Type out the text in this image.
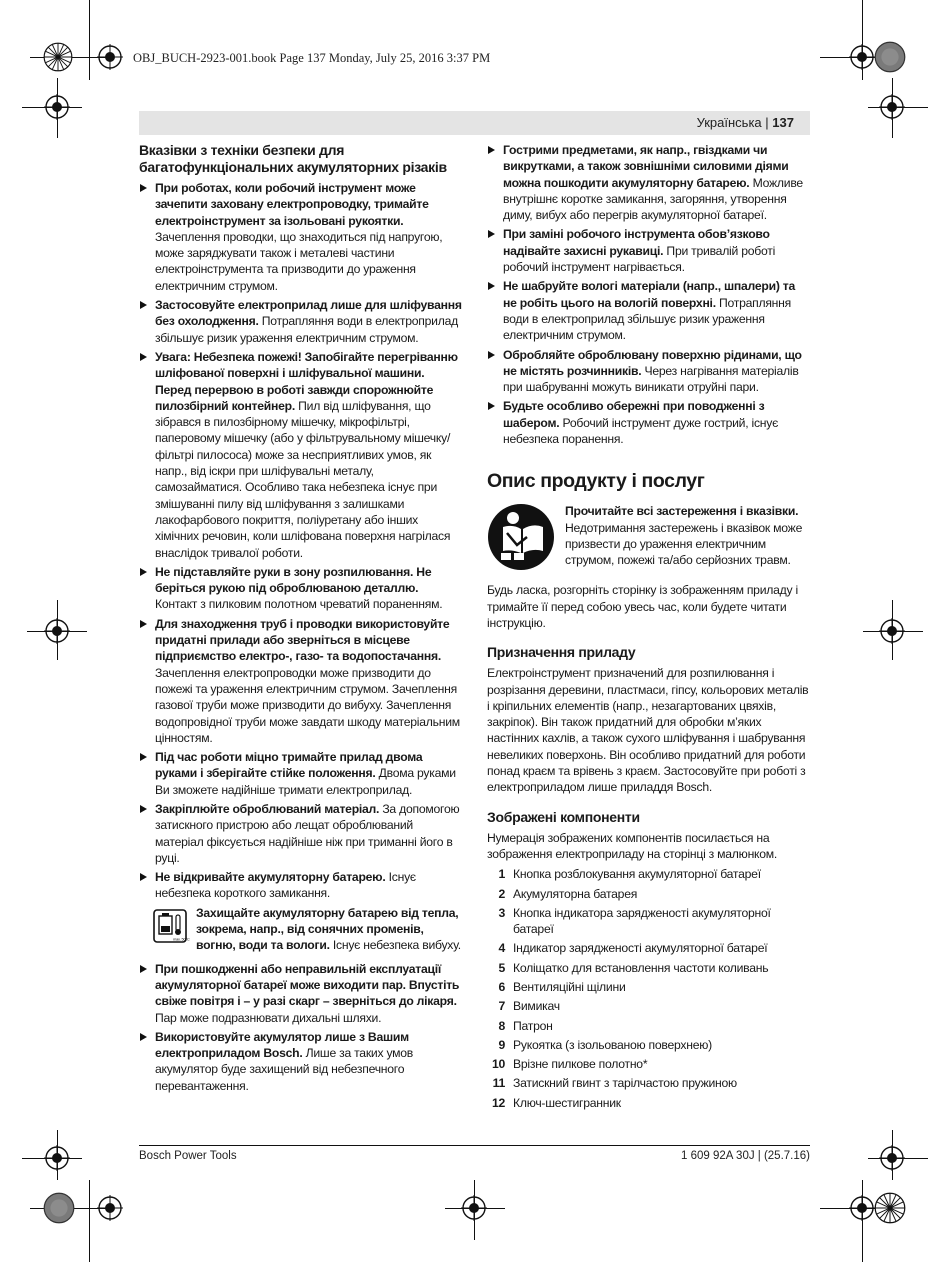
OBJ_BUCH-2923-001.book Page 137 Monday, July 25, 2016 3:37 PM
Українська | 137
Вказівки з техніки безпеки для багатофункціональних акумуляторних різаків
При роботах, коли робочий інструмент може зачепити заховану електропроводку, тримайте електроінструмент за ізольовані рукоятки. Зачеплення проводки, що знаходиться під напругою, може заряджувати також і металеві частини електроінструмента та призводити до ураження електричним струмом.
Застосовуйте електроприлад лише для шліфування без охолодження. Потрапляння води в електроприлад збільшує ризик ураження електричним струмом.
Увага: Небезпека пожежі! Запобігайте перегріванню шліфованої поверхні і шліфувальної машини. Перед перервою в роботі завжди спорожнюйте пилозбірний контейнер. Пил від шліфування, що зібрався в пилозбірному мішечку, мікрофільтрі, паперовому мішечку (або у фільтрувальному мішечку/фільтрі пилососа) може за несприятливих умов, як напр., від іскри при шліфувальні металу, самозайматися. Особливо така небезпека існує при змішуванні пилу від шліфування з залишками лакофарбового покриття, поліуретану або інших хімічних речовин, коли шліфована поверхня нагрілася внаслідок тривалої роботи.
Не підставляйте руки в зону розпилювання. Не беріться рукою під оброблюваною деталлю. Контакт з пилковим полотном чреватий пораненням.
Для знаходження труб і проводки використовуйте придатні прилади або зверніться в місцеве підприємство електро-, газо- та водопостачання. Зачеплення електропроводки може призводити до пожежі та ураження електричним струмом. Зачеплення газової труби може призводити до вибуху. Зачеплення водопровідної труби може завдати шкоду матеріальним цінностям.
Під час роботи міцно тримайте прилад двома руками і зберігайте стійке положення. Двома руками Ви зможете надійніше тримати електроприлад.
Закріплюйте оброблюваний матеріал. За допомогою затискного пристрою або лещат оброблюваний матеріал фіксується надійніше ніж при триманні його в руці.
Не відкривайте акумуляторну батарею. Існує небезпека короткого замикання.
max. 50°C
Захищайте акумуляторну батарею від тепла, зокрема, напр., від сонячних променів, вогню, води та вологи. Існує небезпека вибуху.
При пошкодженні або неправильній експлуатації акумуляторної батареї може виходити пар. Впустіть свіже повітря і – у разі скарг – зверніться до лікаря. Пар може подразнювати дихальні шляхи.
Використовуйте акумулятор лише з Вашим електроприладом Bosch. Лише за таких умов акумулятор буде захищений від небезпечного перевантаження.
Гострими предметами, як напр., гвіздками чи викрутками, а також зовнішніми силовими діями можна пошкодити акумуляторну батарею. Можливе внутрішнє коротке замикання, загоряння, утворення диму, вибух або перегрів акумуляторної батареї.
При заміні робочого інструмента обов’язково надівайте захисні рукавиці. При тривалій роботі робочий інструмент нагрівається.
Не шабруйте вологі матеріали (напр., шпалери) та не робіть цього на вологій поверхні. Потрапляння води в електроприлад збільшує ризик ураження електричним струмом.
Обробляйте оброблювану поверхню рідинами, що не містять розчинників. Через нагрівання матеріалів при шабруванні можуть виникати отруйні пари.
Будьте особливо обережні при поводженні з шабером. Робочий інструмент дуже гострий, існує небезпека поранення.
Опис продукту і послуг
Прочитайте всі застереження і вказівки. Недотримання застережень і вказівок може призвести до ураження електричним струмом, пожежі та/або серйозних травм.
Будь ласка, розгорніть сторінку із зображенням приладу і тримайте її перед собою увесь час, коли будете читати інструкцію.
Призначення приладу
Електроінструмент призначений для розпилювання і розрізання деревини, пластмаси, гіпсу, кольорових металів і кріпильних елементів (напр., незагартованих цвяхів, закріпок). Він також придатний для обробки м’яких настінних кахлів, а також сухого шліфування і шабрування невеликих поверхонь. Він особливо придатний для роботи понад краєм та врівень з краєм. Застосовуйте при роботі з електроприладом лише приладдя Bosch.
Зображені компоненти
Нумерація зображених компонентів посилається на зображення електроприладу на сторінці з малюнком.
1 Кнопка розблокування акумуляторної батареї
2 Акумуляторна батарея
3 Кнопка індикатора зарядженості акумуляторної батареї
4 Індикатор зарядженості акумуляторної батареї
5 Коліщатко для встановлення частоти коливань
6 Вентиляційні щілини
7 Вимикач
8 Патрон
9 Рукоятка (з ізольованою поверхнею)
10 Врізне пилкове полотно*
11 Затискний гвинт з тарілчастою пружиною
12 Ключ-шестигранник
Bosch Power Tools	1 609 92A 30J | (25.7.16)
